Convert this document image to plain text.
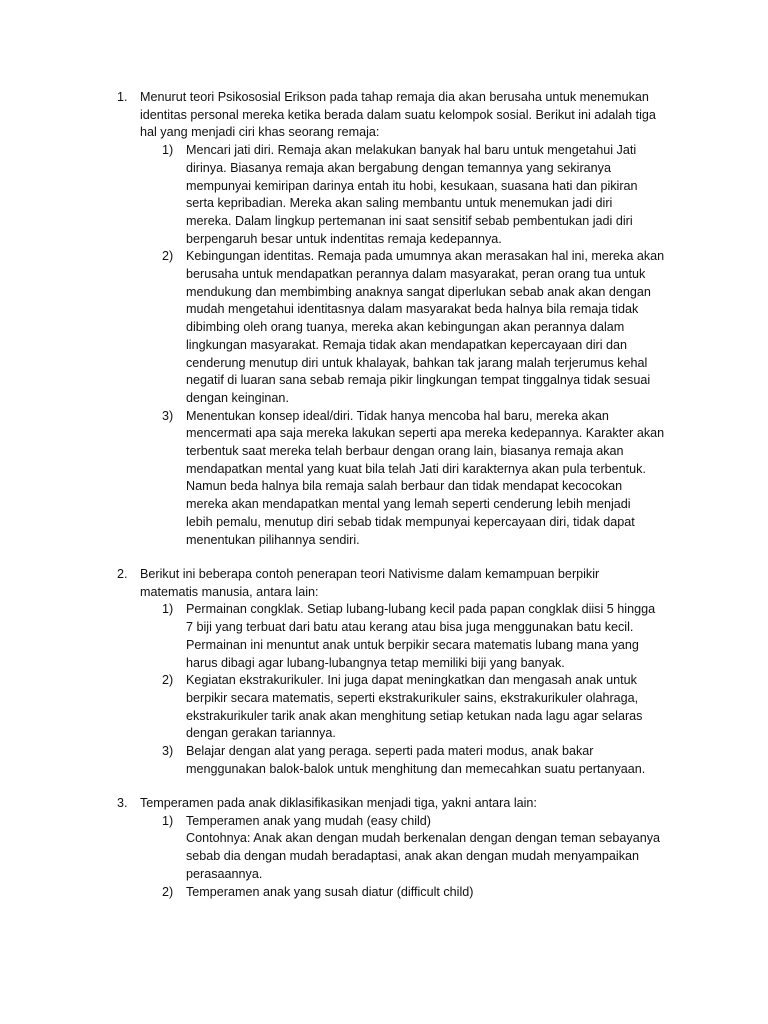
1. Menurut teori Psikososial Erikson pada tahap remaja dia akan berusaha untuk menemukan
identitas personal mereka ketika berada dalam suatu kelompok sosial. Berikut ini adalah tiga
hal yang menjadi ciri khas seorang remaja:
1) Mencari jati diri. Remaja akan melakukan banyak hal baru untuk mengetahui Jati
dirinya. Biasanya remaja akan bergabung dengan temannya yang sekiranya
mempunyai kemiripan darinya entah itu hobi, kesukaan, suasana hati dan pikiran
serta kepribadian. Mereka akan saling membantu untuk menemukan jadi diri
mereka. Dalam lingkup pertemanan ini saat sensitif sebab pembentukan jadi diri
berpengaruh besar untuk indentitas remaja kedepannya.
2) Kebingungan identitas. Remaja pada umumnya akan merasakan hal ini, mereka akan
berusaha untuk mendapatkan perannya dalam masyarakat, peran orang tua untuk
mendukung dan membimbing anaknya sangat diperlukan sebab anak akan dengan
mudah mengetahui identitasnya dalam masyarakat beda halnya bila remaja tidak
dibimbing oleh orang tuanya, mereka akan kebingungan akan perannya dalam
lingkungan masyarakat. Remaja tidak akan mendapatkan kepercayaan diri dan
cenderung menutup diri untuk khalayak, bahkan tak jarang malah terjerumus kehal
negatif di luaran sana sebab remaja pikir lingkungan tempat tinggalnya tidak sesuai
dengan keinginan.
3) Menentukan konsep ideal/diri. Tidak hanya mencoba hal baru, mereka akan
mencermati apa saja mereka lakukan seperti apa mereka kedepannya. Karakter akan
terbentuk saat mereka telah berbaur dengan orang lain, biasanya remaja akan
mendapatkan mental yang kuat bila telah Jati diri karakternya akan pula terbentuk.
Namun beda halnya bila remaja salah berbaur dan tidak mendapat kecocokan
mereka akan mendapatkan mental yang lemah seperti cenderung lebih menjadi
lebih pemalu, menutup diri sebab tidak mempunyai kepercayaan diri, tidak dapat
menentukan pilihannya sendiri.
2. Berikut ini beberapa contoh penerapan teori Nativisme dalam kemampuan berpikir
matematis manusia, antara lain:
1) Permainan congklak. Setiap lubang-lubang kecil pada papan congklak diisi 5 hingga
7 biji yang terbuat dari batu atau kerang atau bisa juga menggunakan batu kecil.
Permainan ini menuntut anak untuk berpikir secara matematis lubang mana yang
harus dibagi agar lubang-lubangnya tetap memiliki biji yang banyak.
2) Kegiatan ekstrakurikuler. Ini juga dapat meningkatkan dan mengasah anak untuk
berpikir secara matematis, seperti ekstrakurikuler sains, ekstrakurikuler olahraga,
ekstrakurikuler tarik anak akan menghitung setiap ketukan nada lagu agar selaras
dengan gerakan tariannya.
3) Belajar dengan alat yang peraga. seperti pada materi modus, anak bakar
menggunakan balok-balok untuk menghitung dan memecahkan suatu pertanyaan.
3. Temperamen pada anak diklasifikasikan menjadi tiga, yakni antara lain:
1) Temperamen anak yang mudah (easy child)
Contohnya: Anak akan dengan mudah berkenalan dengan dengan teman sebayanya
sebab dia dengan mudah beradaptasi, anak akan dengan mudah menyampaikan
perasaannya.
2) Temperamen anak yang susah diatur (difficult child)
